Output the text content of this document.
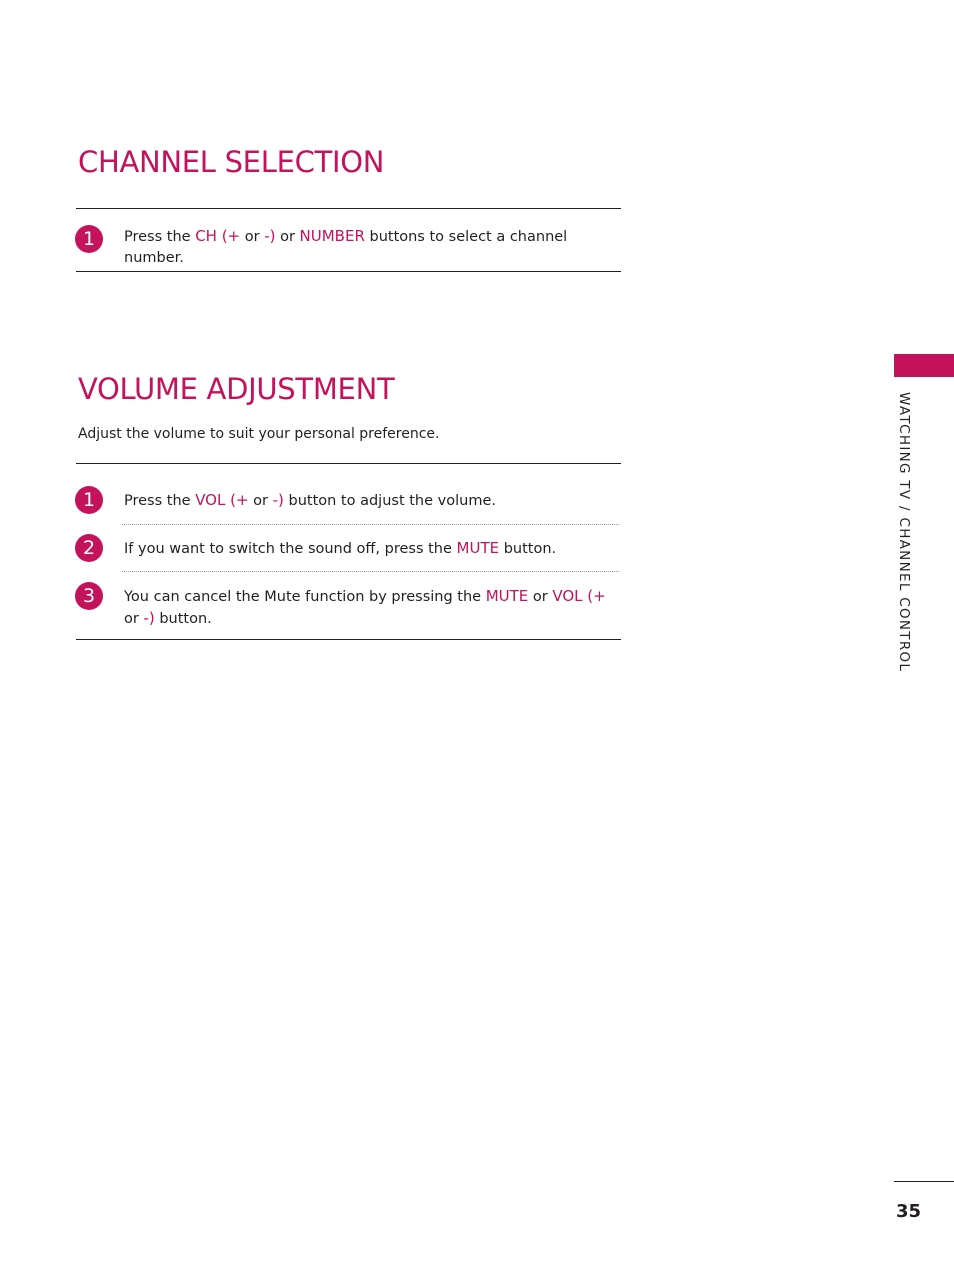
CHANNEL SELECTION
1	Press the CH (+ or -) or NUMBER buttons to select a channel number.

VOLUME ADJUSTMENT

Adjust the volume to suit your personal preference.

1	Press the VOL (+ or -) button to adjust the volume.

2	If you want to switch the sound off, press the MUTE button.

3	You can cancel the Mute function by pressing the MUTE or VOL (+ or -) button.	WATCHING TV / CHANNEL CONTROL
35
